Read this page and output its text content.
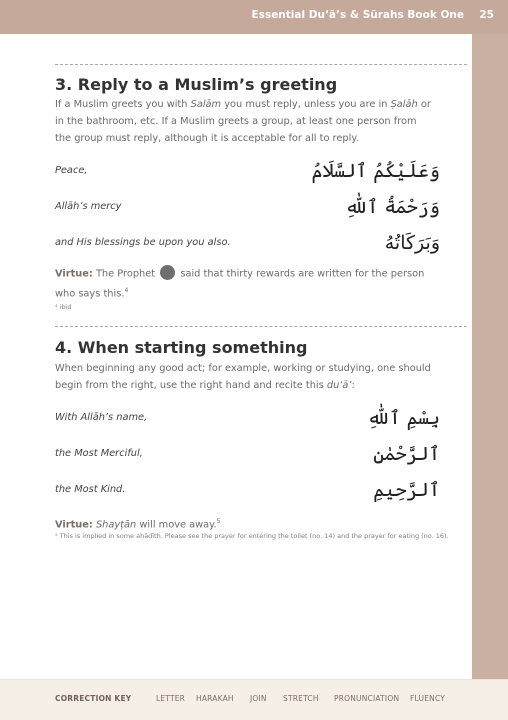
Essential Du‘ā’s & Sūrahs Book One 25
3. Reply to a Muslim’s greeting
If a Muslim greets you with Salām you must reply, unless you are in Ṣalāh or in the bathroom, etc. If a Muslim greets a group, at least one person from the group must reply, although it is acceptable for all to reply.
Peace,	وَعَلَيْكُمُ ٱلسَّلَامُ
Allāh’s mercy	وَرَحْمَةُ ٱللّٰهِ
and His blessings be upon you also.	وَبَرَكَاتُهُ
Virtue: The Prophet  said that thirty rewards are written for the person who says this.$^4$
⁴ ibid
4. When starting something
When beginning any good act; for example, working or studying, one should begin from the right, use the right hand and recite this du‘ā’:
With Allāh’s name,	بِسْمِ ٱللّٰهِ
the Most Merciful,	ٱلرَّحْمٰنِ
the Most Kind.	ٱلرَّحِيمِ
Virtue: Shayṭān will move away.$^5$
⁵ This is implied in some aḥādīth. Please see the prayer for entering the toilet (no. 14) and the prayer for eating (no. 16).
CORRECTION KEY	LETTER HARAKAH JOIN STRETCH PRONUNCIATION FLUENCY
